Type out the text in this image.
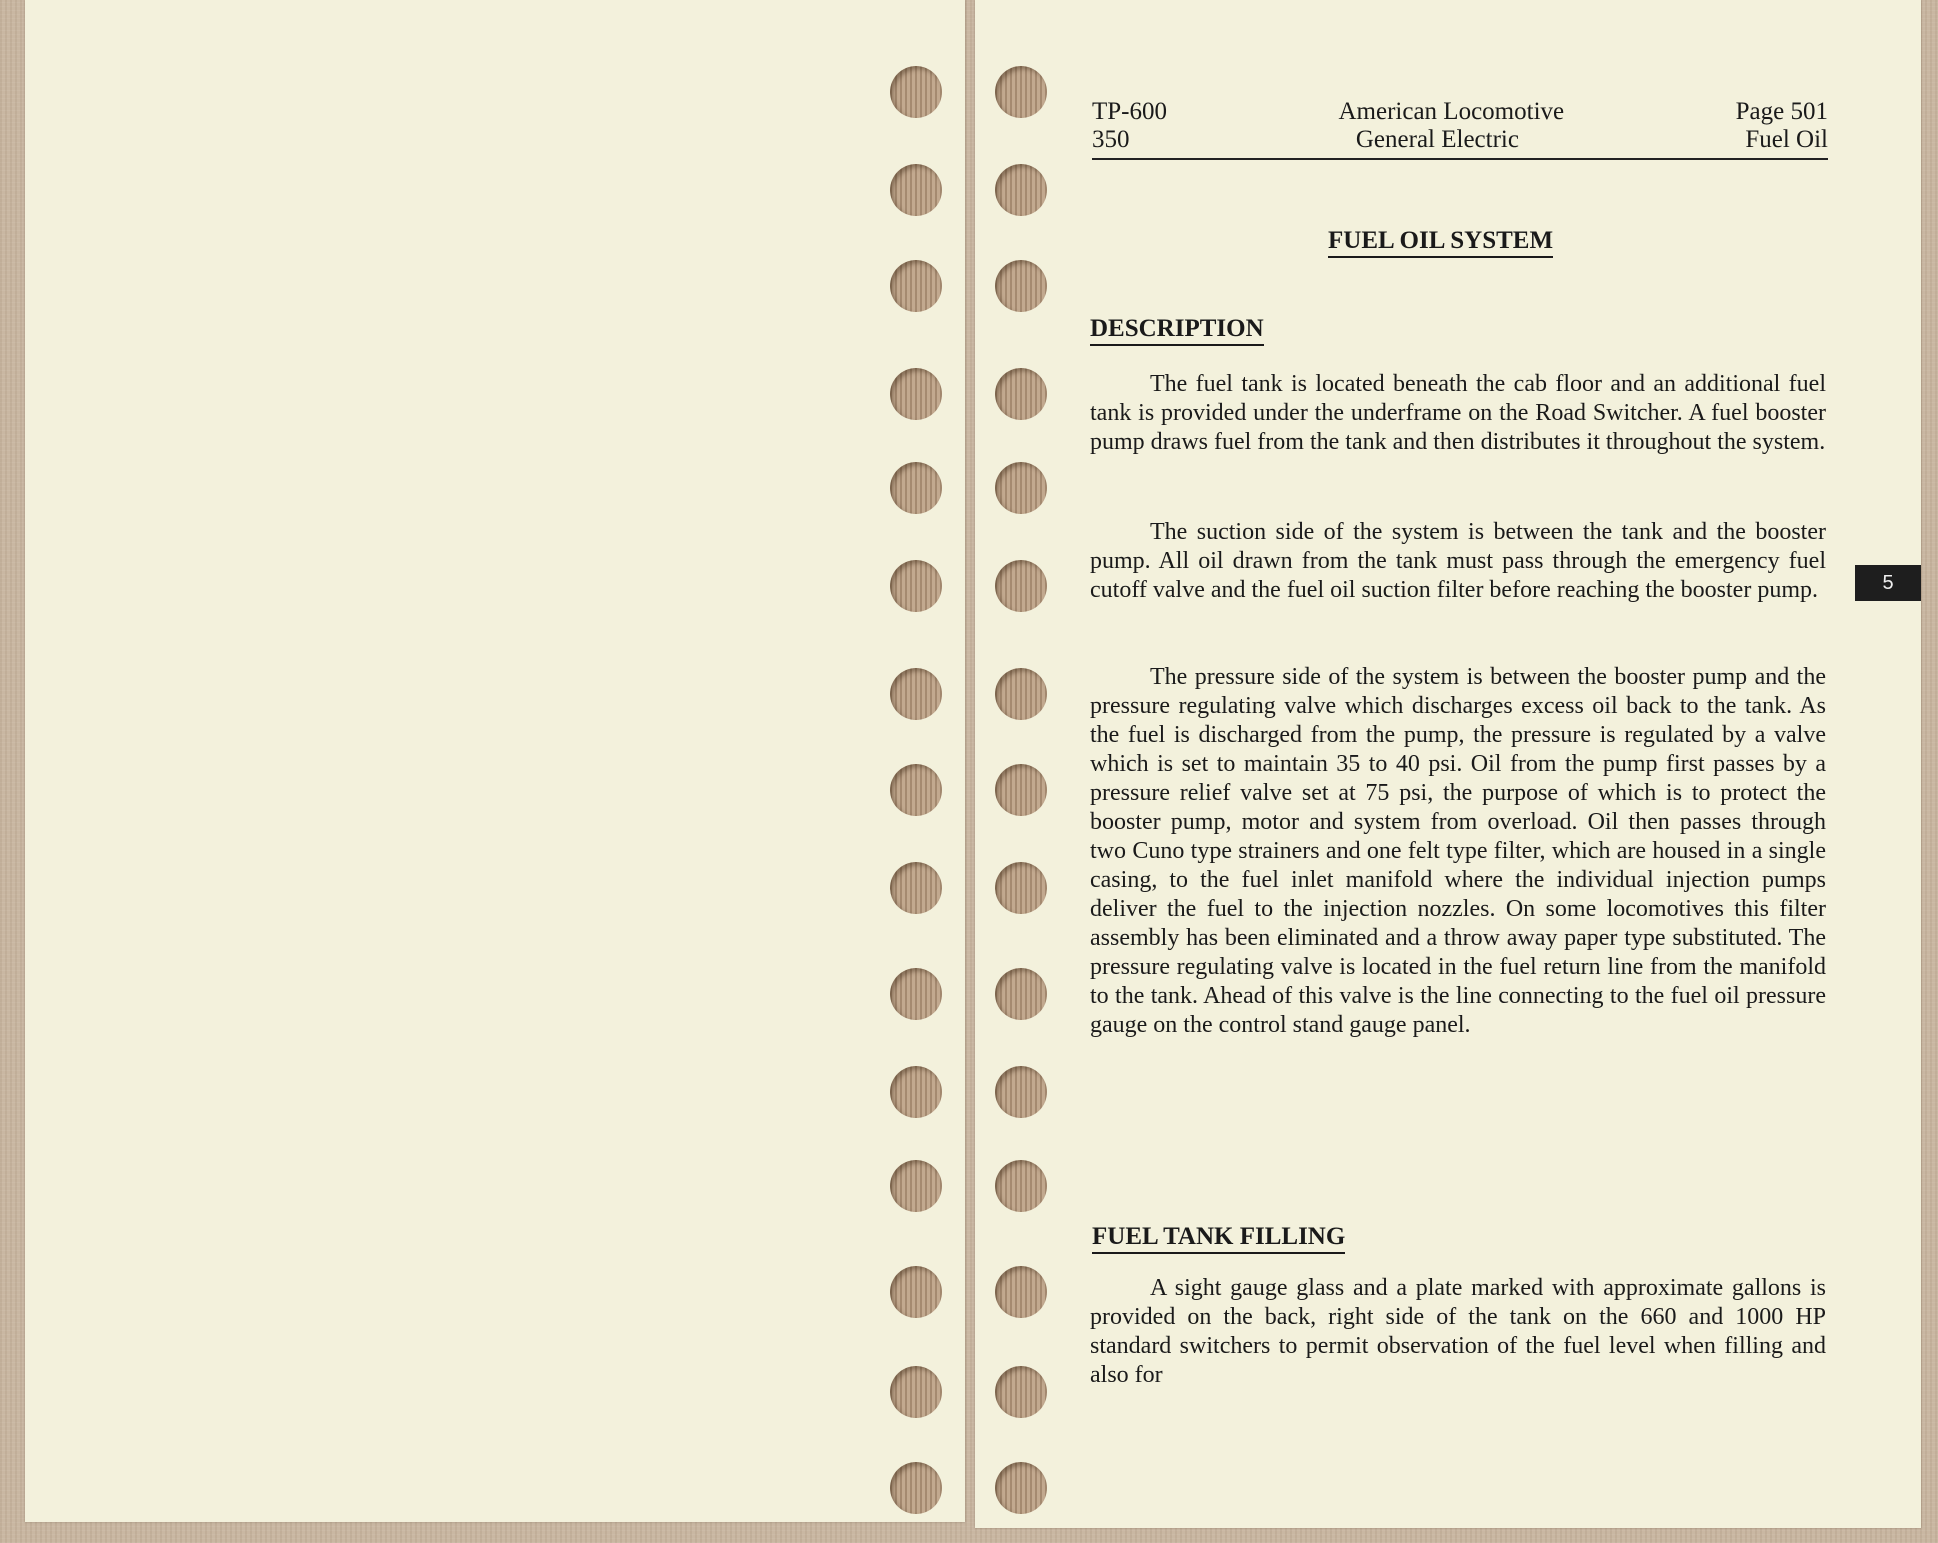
TP-600	American Locomotive	Page 501
350	General Electric	Fuel Oil
FUEL OIL SYSTEM
DESCRIPTION

The fuel tank is located beneath the cab floor and an additional fuel tank is provided under the underframe on the Road Switcher. A fuel booster pump draws fuel from the tank and then distributes it throughout the system.

The suction side of the system is between the tank and the booster pump. All oil drawn from the tank must pass through the emergency fuel cutoff valve and the fuel oil suction filter before reaching the booster pump.

The pressure side of the system is between the booster pump and the pressure regulating valve which discharges excess oil back to the tank. As the fuel is discharged from the pump, the pressure is regulated by a valve which is set to maintain 35 to 40 psi. Oil from the pump first passes by a pressure relief valve set at 75 psi, the purpose of which is to protect the booster pump, motor and system from overload. Oil then passes through two Cuno type strainers and one felt type filter, which are housed in a single casing, to the fuel inlet manifold where the individual injection pumps deliver the fuel to the injection nozzles. On some locomotives this filter assembly has been eliminated and a throw away paper type substituted. The pressure regulating valve is located in the fuel return line from the manifold to the tank. Ahead of this valve is the line connecting to the fuel oil pressure gauge on the control stand gauge panel.

FUEL TANK FILLING

A sight gauge glass and a plate marked with approximate gallons is provided on the back, right side of the tank on the 660 and 1000 HP standard switchers to permit observation of the fuel level when filling and also for

5
